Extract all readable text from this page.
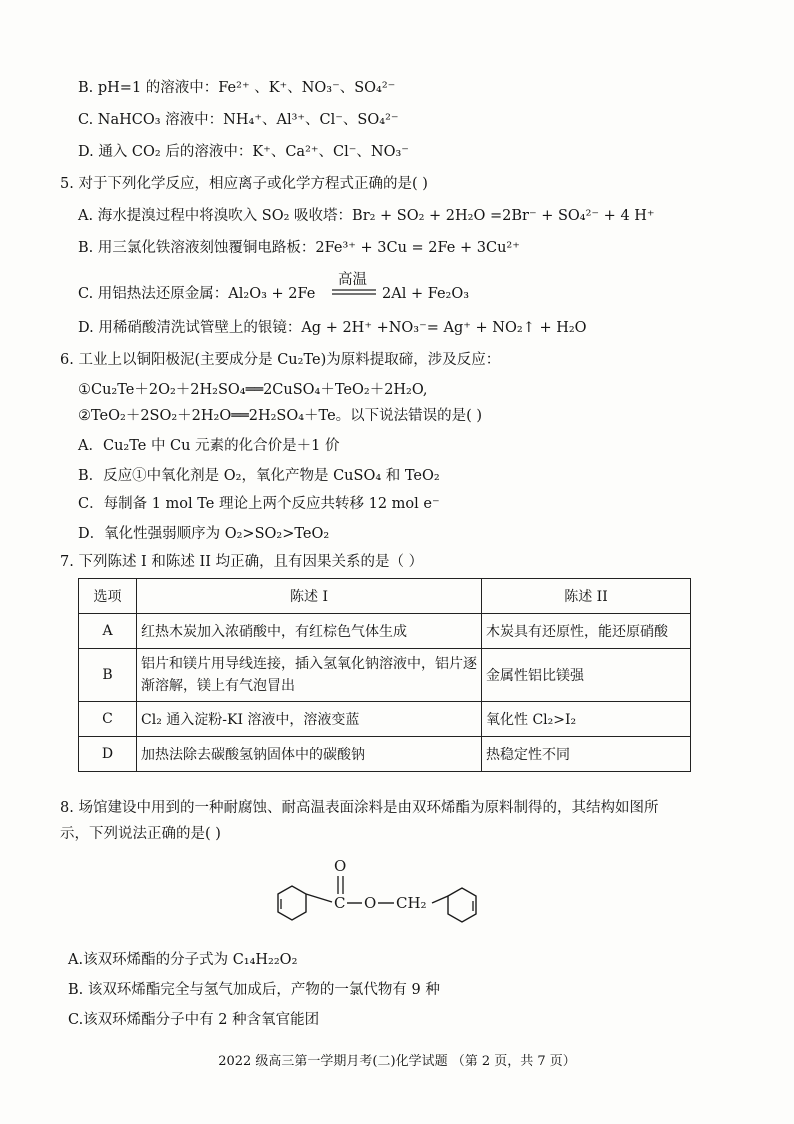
B. pH=1 的溶液中：Fe²⁺ 、K⁺、NO₃⁻、SO₄²⁻
C. NaHCO₃ 溶液中：NH₄⁺、Al³⁺、Cl⁻、SO₄²⁻
D. 通入 CO₂ 后的溶液中：K⁺、Ca²⁺、Cl⁻、NO₃⁻
5. 对于下列化学反应，相应离子或化学方程式正确的是( )
A. 海水提溴过程中将溴吹入 SO₂ 吸收塔：Br₂ + SO₂ + 2H₂O =2Br⁻ + SO₄²⁻ + 4 H⁺
B. 用三氯化铁溶液刻蚀覆铜电路板：2Fe³⁺ + 3Cu = 2Fe + 3Cu²⁺
C. 用铝热法还原金属：Al₂O₃ + 2Fe
高温
2Al + Fe₂O₃
D. 用稀硝酸清洗试管壁上的银镜：Ag + 2H⁺ +NO₃⁻= Ag⁺ + NO₂↑ + H₂O
6. 工业上以铜阳极泥(主要成分是 Cu₂Te)为原料提取碲，涉及反应：
①Cu₂Te＋2O₂＋2H₂SO₄══2CuSO₄＋TeO₂＋2H₂O,
②TeO₂＋2SO₂＋2H₂O══2H₂SO₄＋Te。以下说法错误的是( )
A．Cu₂Te 中 Cu 元素的化合价是＋1 价
B．反应①中氧化剂是 O₂，氧化产物是 CuSO₄ 和 TeO₂
C．每制备 1 mol Te 理论上两个反应共转移 12 mol e⁻
D．氧化性强弱顺序为 O₂>SO₂>TeO₂
7. 下列陈述 I 和陈述 II 均正确，且有因果关系的是（ ）
选项	陈述 I	陈述 II
A	红热木炭加入浓硝酸中，有红棕色气体生成	木炭具有还原性，能还原硝酸
B	铝片和镁片用导线连接，插入氢氧化钠溶液中，铝片逐渐溶解，镁上有气泡冒出	金属性铝比镁强
C	Cl₂ 通入淀粉-KI 溶液中，溶液变蓝	氧化性 Cl₂>I₂
D	加热法除去碳酸氢钠固体中的碳酸钠	热稳定性不同
8. 场馆建设中用到的一种耐腐蚀、耐高温表面涂料是由双环烯酯为原料制得的，其结构如图所
示，下列说法正确的是( )
O
C O CH₂
A.该双环烯酯的分子式为 C₁₄H₂₂O₂
B. 该双环烯酯完全与氢气加成后，产物的一氯代物有 9 种
C.该双环烯酯分子中有 2 种含氧官能团
2022 级高三第一学期月考(二)化学试题 （第 2 页，共 7 页）
